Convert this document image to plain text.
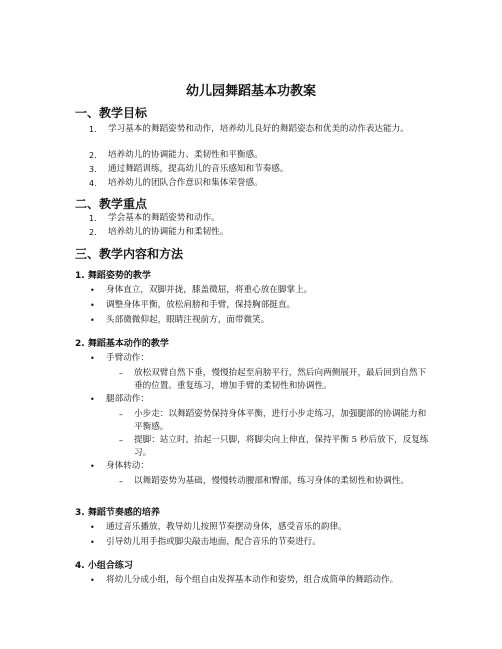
幼儿园舞蹈基本功教案
一、教学目标
1. 学习基本的舞蹈姿势和动作，培养幼儿良好的舞蹈姿态和优美的动作表达能力。
2. 培养幼儿的协调能力、柔韧性和平衡感。
3. 通过舞蹈训练，提高幼儿的音乐感知和节奏感。
4. 培养幼儿的团队合作意识和集体荣誉感。
二、教学重点
1. 学会基本的舞蹈姿势和动作。
2. 培养幼儿的协调能力和柔韧性。
三、教学内容和方法
1. 舞蹈姿势的教学
• 身体直立，双脚并拢，膝盖微屈，将重心放在脚掌上。
• 调整身体平衡，放松肩膀和手臂，保持胸部挺直。
• 头部微微仰起，眼睛注视前方，面带微笑。
2. 舞蹈基本动作的教学
• 手臂动作：
– 放松双臂自然下垂，慢慢抬起至肩膀平行，然后向两侧展开，最后回到自然下垂的位置。重复练习，增加手臂的柔韧性和协调性。
• 腿部动作：
– 小步走：以舞蹈姿势保持身体平衡，进行小步走练习，加强腿部的协调能力和平衡感。
– 提脚：站立时，抬起一只脚，将脚尖向上伸直，保持平衡 5 秒后放下，反复练习。
• 身体转动：
– 以舞蹈姿势为基础，慢慢转动腰部和臀部，练习身体的柔韧性和协调性。
3. 舞蹈节奏感的培养
• 通过音乐播放，教导幼儿按照节奏摆动身体，感受音乐的韵律。
• 引导幼儿用手指或脚尖敲击地面，配合音乐的节奏进行。
4. 小组合练习
• 将幼儿分成小组，每个组自由发挥基本动作和姿势，组合成简单的舞蹈动作。
